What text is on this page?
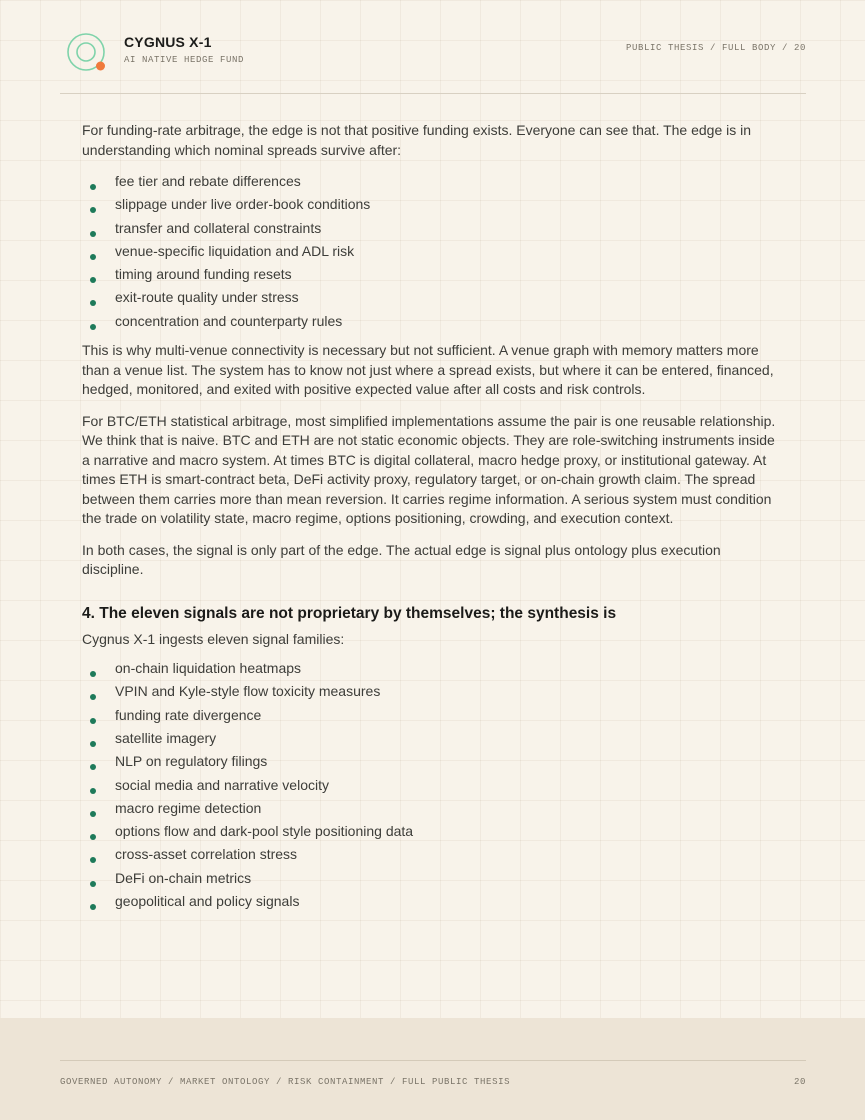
CYGNUS X-1
AI NATIVE HEDGE FUND
PUBLIC THESIS / FULL BODY / 20

For funding-rate arbitrage, the edge is not that positive funding exists. Everyone can see that. The edge is in understanding which nominal spreads survive after:

fee tier and rebate differences
slippage under live order-book conditions
transfer and collateral constraints
venue-specific liquidation and ADL risk
timing around funding resets
exit-route quality under stress
concentration and counterparty rules

This is why multi-venue connectivity is necessary but not sufficient. A venue graph with memory matters more than a venue list. The system has to know not just where a spread exists, but where it can be entered, financed, hedged, monitored, and exited with positive expected value after all costs and risk controls.

For BTC/ETH statistical arbitrage, most simplified implementations assume the pair is one reusable relationship. We think that is naive. BTC and ETH are not static economic objects. They are role-switching instruments inside a narrative and macro system. At times BTC is digital collateral, macro hedge proxy, or institutional gateway. At times ETH is smart-contract beta, DeFi activity proxy, regulatory target, or on-chain growth claim. The spread between them carries more than mean reversion. It carries regime information. A serious system must condition the trade on volatility state, macro regime, options positioning, crowding, and execution context.

In both cases, the signal is only part of the edge. The actual edge is signal plus ontology plus execution discipline.

4. The eleven signals are not proprietary by themselves; the synthesis is

Cygnus X-1 ingests eleven signal families:

on-chain liquidation heatmaps
VPIN and Kyle-style flow toxicity measures
funding rate divergence
satellite imagery
NLP on regulatory filings
social media and narrative velocity
macro regime detection
options flow and dark-pool style positioning data
cross-asset correlation stress
DeFi on-chain metrics
geopolitical and policy signals
GOVERNED AUTONOMY / MARKET ONTOLOGY / RISK CONTAINMENT / FULL PUBLIC THESIS	20
